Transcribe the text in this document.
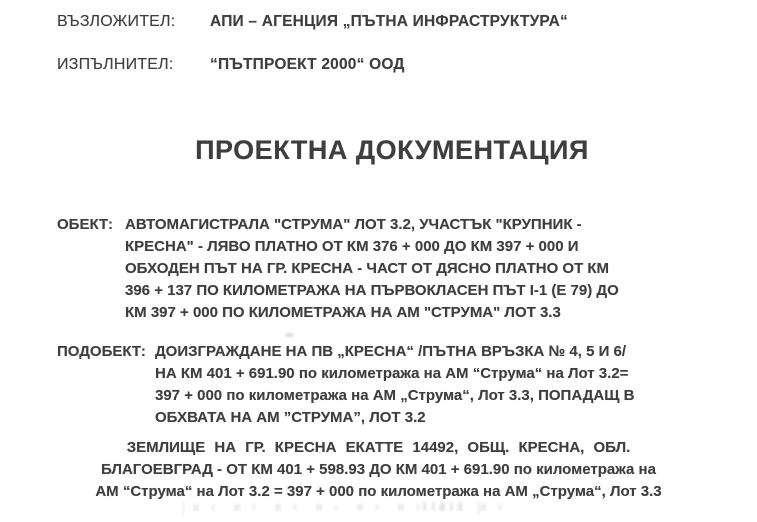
ВЪЗЛОЖИТЕЛ: АПИ – АГЕНЦИЯ „ПЪТНА ИНФРАСТРУКТУРА“
ИЗПЪЛНИТЕЛ: “ПЪТПРОЕКТ 2000“ ООД
ПРОЕКТНА ДОКУМЕНТАЦИЯ
ОБЕКТ: АВТОМАГИСТРАЛА "СТРУМА" ЛОТ 3.2, УЧАСТЪК "КРУПНИК -
КРЕСНА" - ЛЯВО ПЛАТНО ОТ КМ 376 + 000 ДО КМ 397 + 000 И
ОБХОДЕН ПЪТ НА ГР. КРЕСНА - ЧАСТ ОТ ДЯСНО ПЛАТНО ОТ КМ
396 + 137 ПО КИЛОМЕТРАЖА НА ПЪРВОКЛАСЕН ПЪТ I-1 (Е 79) ДО
КМ 397 + 000 ПО КИЛОМЕТРАЖА НА АМ "СТРУМА" ЛОТ 3.3
ПОДОБЕКТ: ДОИЗГРАЖДАНЕ НА ПВ „КРЕСНА“ /ПЪТНА ВРЪЗКА № 4, 5 И 6/
НА КМ 401 + 691.90 по километража на АМ “Струма“ на Лот 3.2=
397 + 000 по километража на АМ „Струма“, Лот 3.3, ПОПАДАЩ В
ОБХВАТА НА АМ ”СТРУМА”, ЛОТ 3.2
ЗЕМЛИЩЕ НА ГР. КРЕСНА ЕКАТТЕ 14492, ОБЩ. КРЕСНА, ОБЛ.
БЛАГОЕВГРАД - ОТ КМ 401 + 598.93 ДО КМ 401 + 691.90 по километража на
АМ “Струма“ на Лот 3.2 = 397 + 000 по километража на АМ „Струма“, Лот 3.3
